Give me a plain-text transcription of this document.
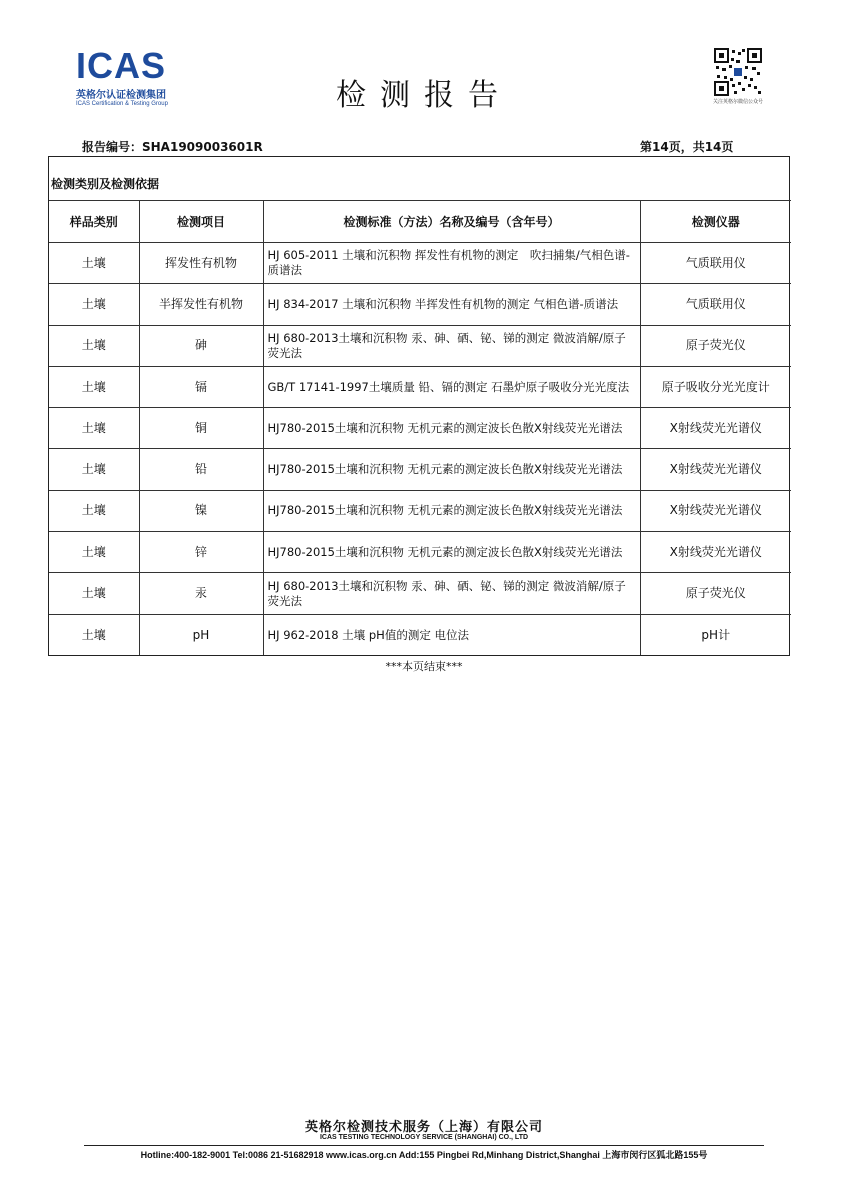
ICAS
英格尔认证检测集团
ICAS Certification & Testing Group	检测报告	关注英格尔微信公众号
报告编号：SHA1909003601R	第14页，共14页
检测类别及检测依据
样品类别	检测项目	检测标准（方法）名称及编号（含年号）	检测仪器
土壤	挥发性有机物	HJ 605-2011 土壤和沉积物 挥发性有机物的测定　吹扫捕集/气相色谱-质谱法	气质联用仪
土壤	半挥发性有机物	HJ 834-2017 土壤和沉积物 半挥发性有机物的测定 气相色谱-质谱法	气质联用仪
土壤	砷	HJ 680-2013土壤和沉积物 汞、砷、硒、铋、锑的测定 微波消解/原子荧光法	原子荧光仪
土壤	镉	GB/T 17141-1997土壤质量 铅、镉的测定 石墨炉原子吸收分光光度法	原子吸收分光光度计
土壤	铜	HJ780-2015土壤和沉积物 无机元素的测定波长色散X射线荧光光谱法	X射线荧光光谱仪
土壤	铅	HJ780-2015土壤和沉积物 无机元素的测定波长色散X射线荧光光谱法	X射线荧光光谱仪
土壤	镍	HJ780-2015土壤和沉积物 无机元素的测定波长色散X射线荧光光谱法	X射线荧光光谱仪
土壤	锌	HJ780-2015土壤和沉积物 无机元素的测定波长色散X射线荧光光谱法	X射线荧光光谱仪
土壤	汞	HJ 680-2013土壤和沉积物 汞、砷、硒、铋、锑的测定 微波消解/原子荧光法	原子荧光仪
土壤	pH	HJ 962-2018 土壤 pH值的测定 电位法	pH计
***本页结束***
英格尔检测技术服务（上海）有限公司
ICAS TESTING TECHNOLOGY SERVICE (SHANGHAI) CO., LTD
Hotline:400-182-9001 Tel:0086 21-51682918 www.icas.org.cn Add:155 Pingbei Rd,Minhang District,Shanghai 上海市闵行区狐北路155号
